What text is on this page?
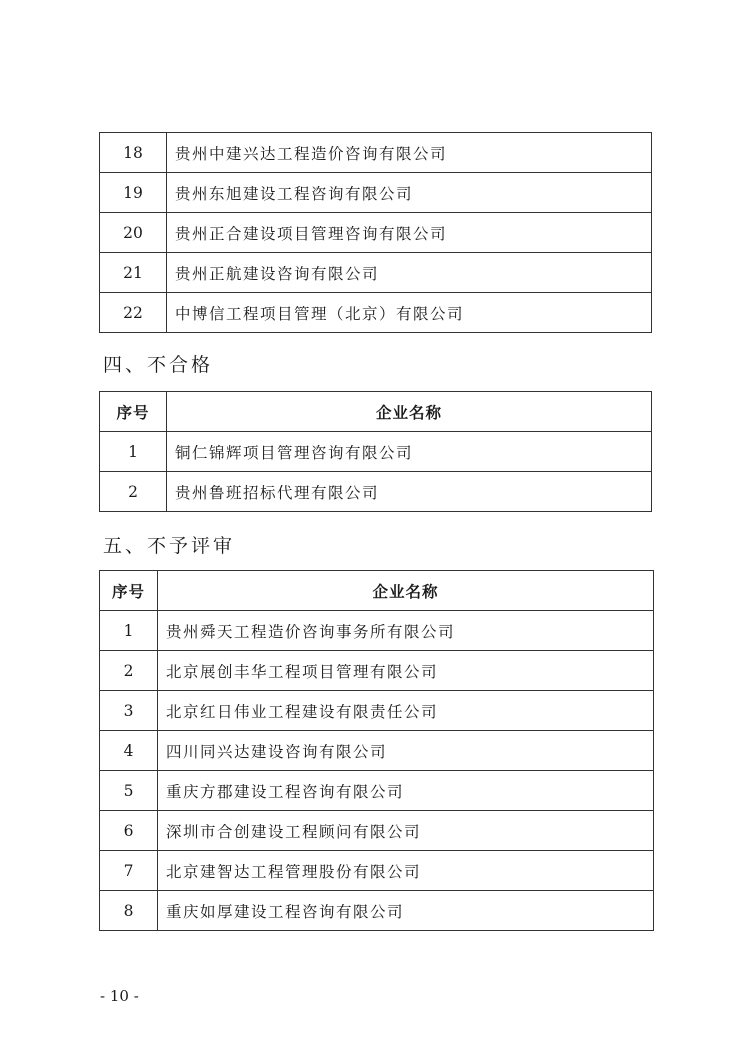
18	贵州中建兴达工程造价咨询有限公司
19	贵州东旭建设工程咨询有限公司
20	贵州正合建设项目管理咨询有限公司
21	贵州正航建设咨询有限公司
22	中博信工程项目管理（北京）有限公司
四、不合格
序号	企业名称
1	铜仁锦辉项目管理咨询有限公司
2	贵州鲁班招标代理有限公司
五、不予评审
序号	企业名称
1	贵州舜天工程造价咨询事务所有限公司
2	北京展创丰华工程项目管理有限公司
3	北京红日伟业工程建设有限责任公司
4	四川同兴达建设咨询有限公司
5	重庆方郡建设工程咨询有限公司
6	深圳市合创建设工程顾问有限公司
7	北京建智达工程管理股份有限公司
8	重庆如厚建设工程咨询有限公司
- 10 -
